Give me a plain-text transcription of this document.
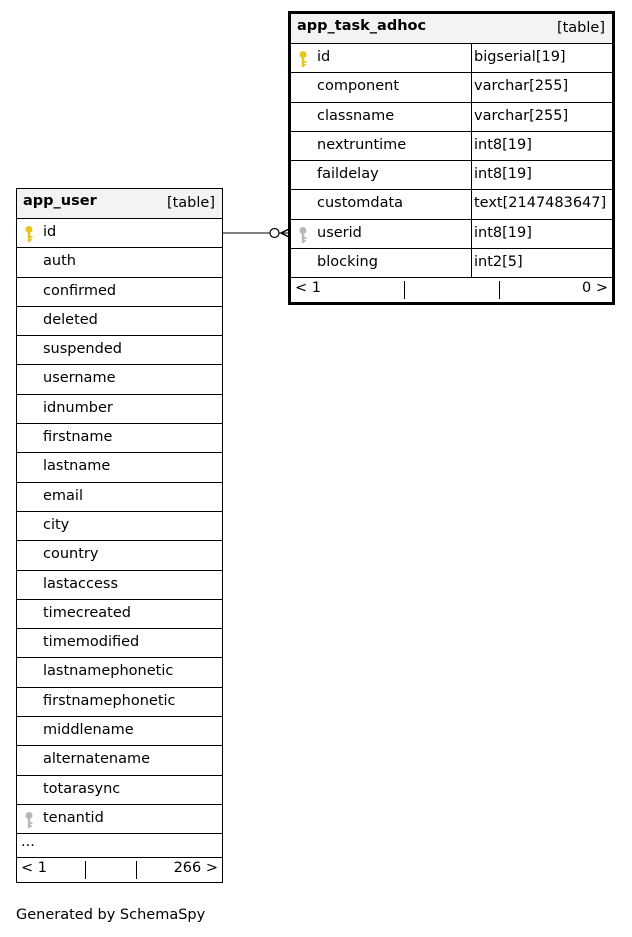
app_user	[table]
id
auth
confirmed
deleted
suspended
username
idnumber
firstname
lastname
email
city
country
lastaccess
timecreated
timemodified
lastnamephonetic
firstnamephonetic
middlename
alternatename
totarasync
tenantid
...
< 1	266 >
app_task_adhoc	[table]
id	bigserial[19]
component	varchar[255]
classname	varchar[255]
nextruntime	int8[19]
faildelay	int8[19]
customdata	text[2147483647]
userid	int8[19]
blocking	int2[5]
< 1	0 >
Generated by SchemaSpy
